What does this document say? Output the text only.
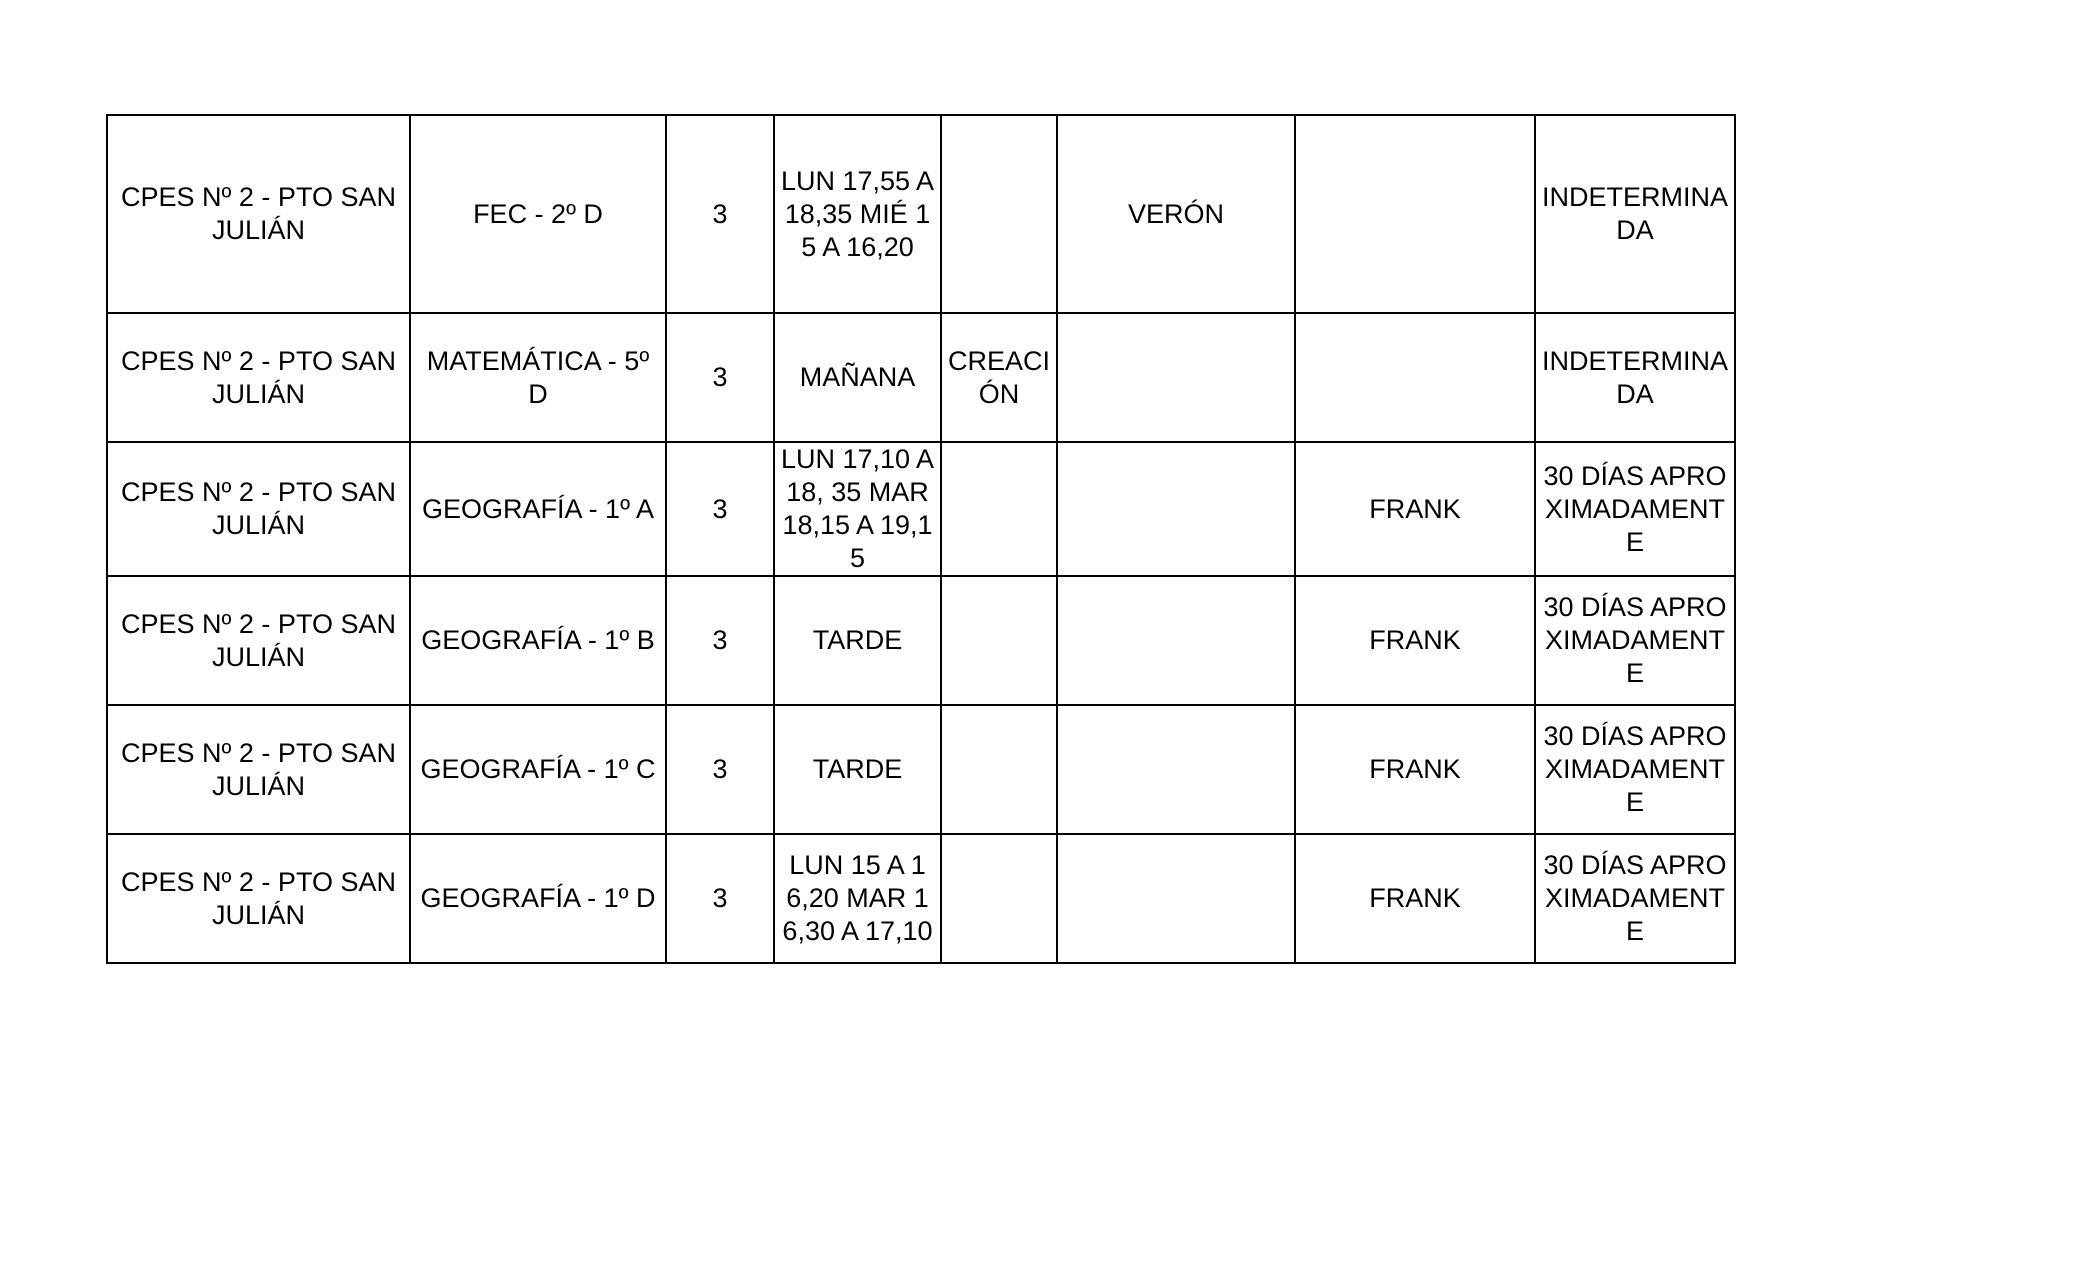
CPES Nº 2 - PTO SAN JULIÁN	FEC - 2º D	3	LUN 17,55 A 18,35 MIÉ 15 A 16,20		VERÓN		INDETERMINADA
CPES Nº 2 - PTO SAN JULIÁN	MATEMÁTICA - 5º D	3	MAÑANA	CREACIÓN			INDETERMINADA
CPES Nº 2 - PTO SAN JULIÁN	GEOGRAFÍA - 1º A	3	LUN 17,10 A 18, 35 MAR 18,15 A 19,15			FRANK	30 DÍAS APROXIMADAMENTE
CPES Nº 2 - PTO SAN JULIÁN	GEOGRAFÍA - 1º B	3	TARDE			FRANK	30 DÍAS APROXIMADAMENTE
CPES Nº 2 - PTO SAN JULIÁN	GEOGRAFÍA - 1º C	3	TARDE			FRANK	30 DÍAS APROXIMADAMENTE
CPES Nº 2 - PTO SAN JULIÁN	GEOGRAFÍA - 1º D	3	LUN 15 A 16,20 MAR 16,30 A 17,10			FRANK	30 DÍAS APROXIMADAMENTE
